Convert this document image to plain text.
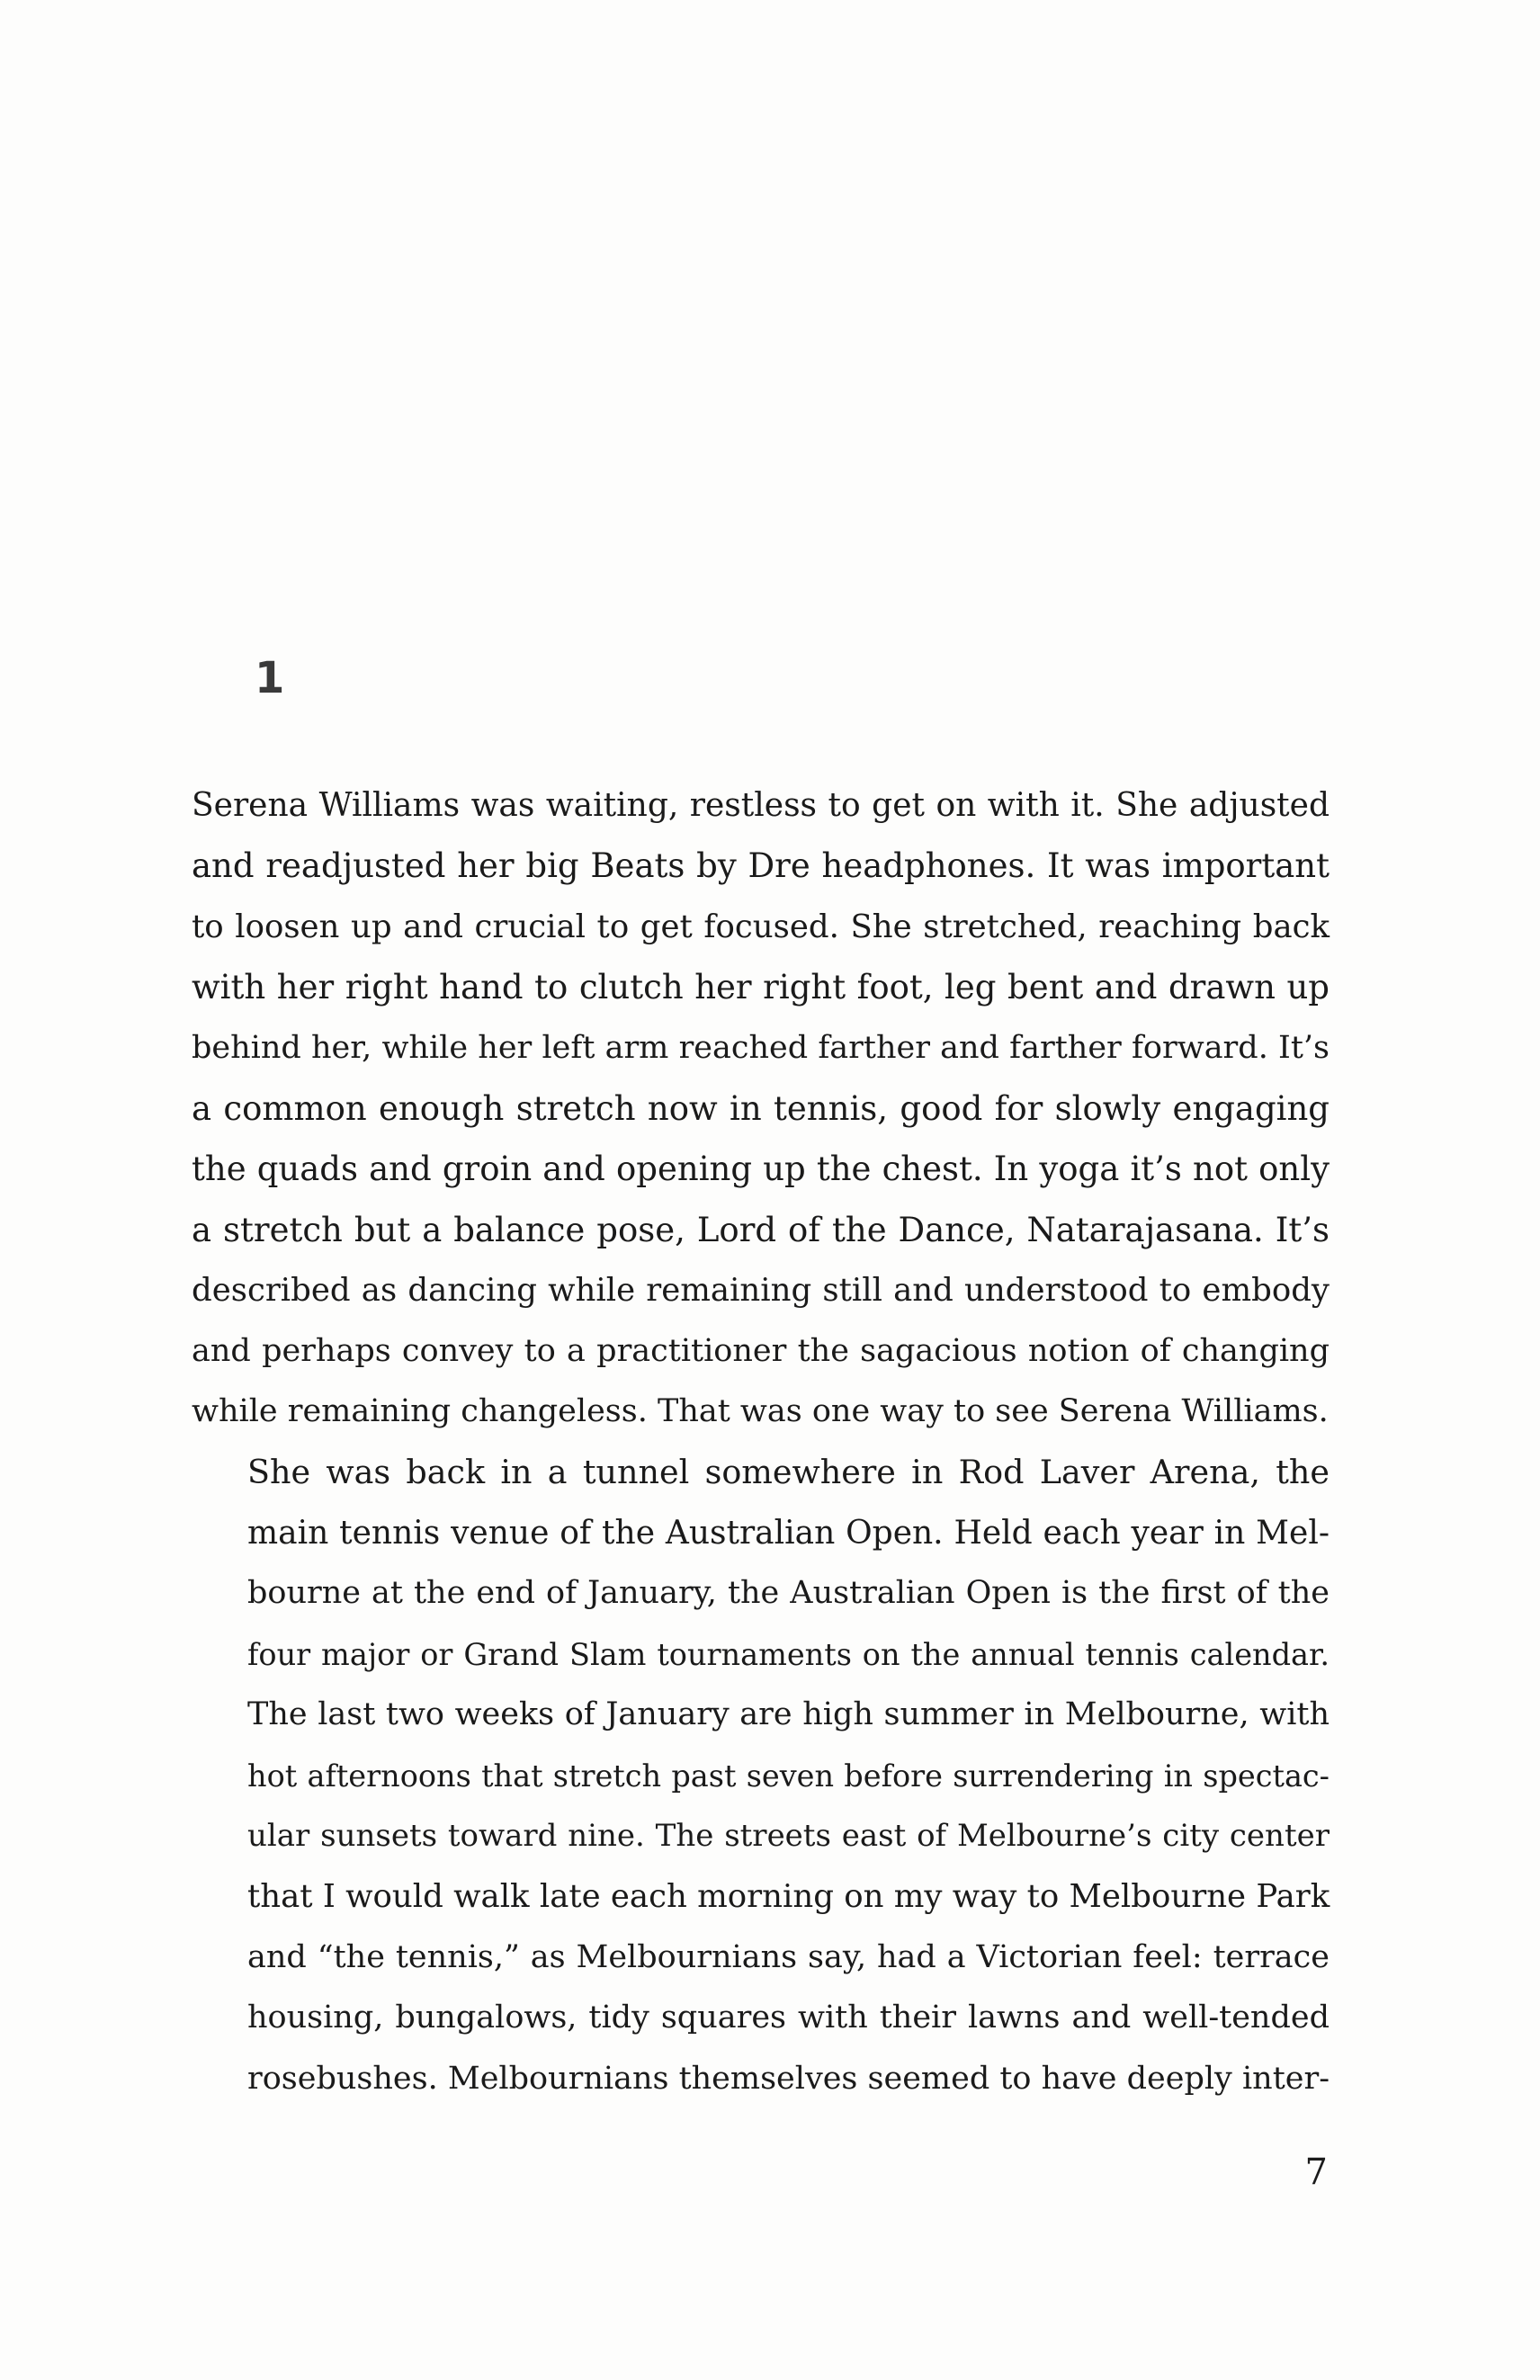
1

Serena Williams was waiting, restless to get on with it. She adjusted
and readjusted her big Beats by Dre headphones. It was important
to loosen up and crucial to get focused. She stretched, reaching back
with her right hand to clutch her right foot, leg bent and drawn up
behind her, while her left arm reached farther and farther forward. It’s
a common enough stretch now in tennis, good for slowly engaging
the quads and groin and opening up the chest. In yoga it’s not only
a stretch but a balance pose, Lord of the Dance, Natarajasana. It’s
described as dancing while remaining still and understood to embody
and perhaps convey to a practitioner the sagacious notion of changing
while remaining changeless. That was one way to see Serena Williams.

She was back in a tunnel somewhere in Rod Laver Arena, the
main tennis venue of the Australian Open. Held each year in Mel-
bourne at the end of January, the Australian Open is the first of the
four major or Grand Slam tournaments on the annual tennis calendar.
The last two weeks of January are high summer in Melbourne, with
hot afternoons that stretch past seven before surrendering in spectac-
ular sunsets toward nine. The streets east of Melbourne’s city center
that I would walk late each morning on my way to Melbourne Park
and “the tennis,” as Melbournians say, had a Victorian feel: terrace
housing, bungalows, tidy squares with their lawns and well-tended
rosebushes. Melbournians themselves seemed to have deeply inter-

7
